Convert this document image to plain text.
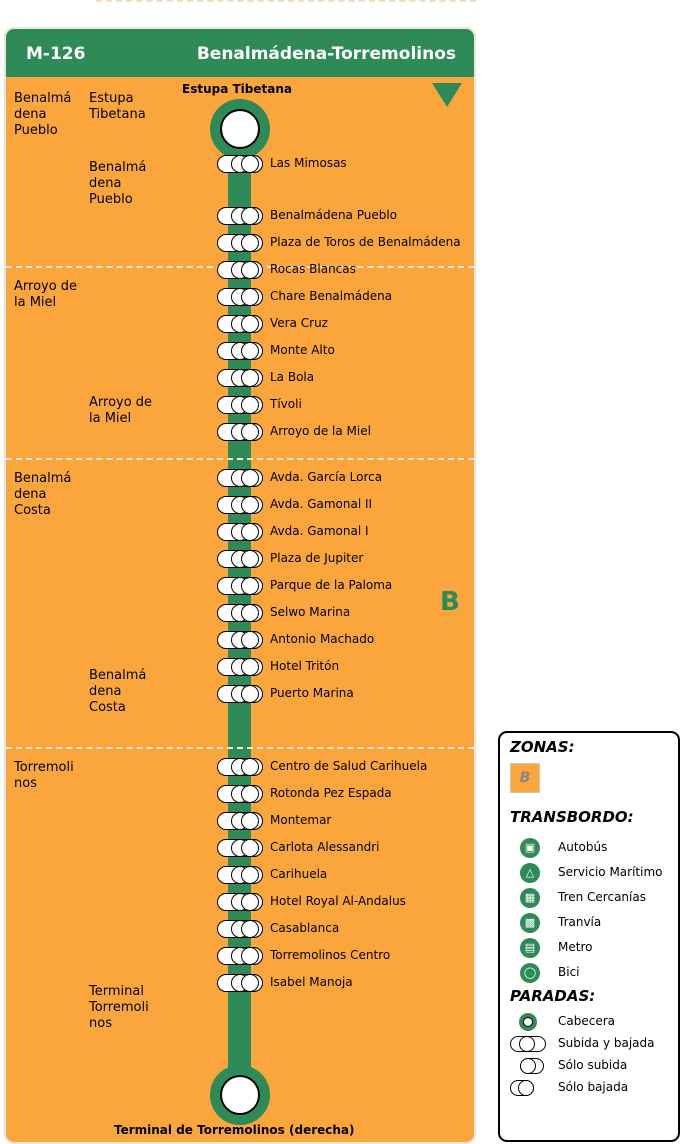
M-126	Benalmádena-Torremolinos
Estupa Tibetana
Terminal de Torremolinos (derecha)
Benalmá dena Pueblo
Arroyo de la Miel
Benalmá dena Costa
Torremoli nos
Estupa Tibetana
Benalmá dena Pueblo
Arroyo de la Miel
Benalmá dena Costa
Terminal Torremoli nos
B
Las Mimosas
Benalmádena Pueblo
Plaza de Toros de Benalmádena
Rocas Blancas
Chare Benalmádena
Vera Cruz
Monte Alto
La Bola
Tívoli
Arroyo de la Miel
Avda. García Lorca
Avda. Gamonal II
Avda. Gamonal I
Plaza de Jupiter
Parque de la Paloma
Selwo Marina
Antonio Machado
Hotel Tritón
Puerto Marina
Centro de Salud Carihuela
Rotonda Pez Espada
Montemar
Carlota Alessandri
Carihuela
Hotel Royal Al-Andalus
Casablanca
Torremolinos Centro
Isabel Manoja
ZONAS:
B
TRANSBORDO:
▣	Autobús
△	Servicio Marítimo
▦	Tren Cercanías
▩	Tranvía
▤	Metro
◯	Bici
PARADAS:
Cabecera
Subida y bajada
Sólo subida
Sólo bajada
